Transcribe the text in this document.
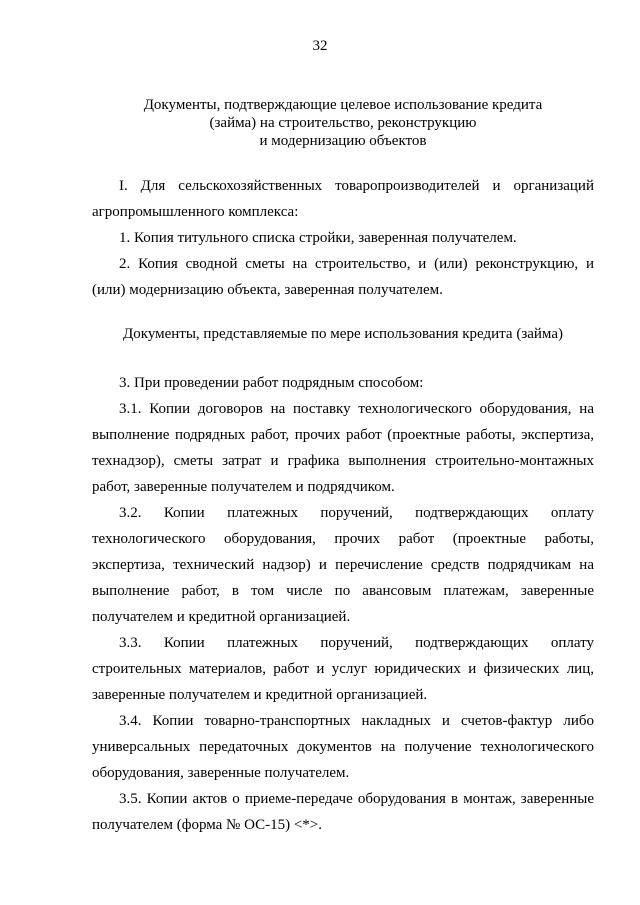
32
Документы, подтверждающие целевое использование кредита
(займа) на строительство, реконструкцию
и модернизацию объектов

I. Для сельскохозяйственных товаропроизводителей и организаций агропромышленного комплекса:

1. Копия титульного списка стройки, заверенная получателем.

2. Копия сводной сметы на строительство, и (или) реконструкцию, и (или) модернизацию объекта, заверенная получателем.

Документы, представляемые по мере использования кредита (займа)

3. При проведении работ подрядным способом:

3.1. Копии договоров на поставку технологического оборудования, на выполнение подрядных работ, прочих работ (проектные работы, экспертиза, технадзор), сметы затрат и графика выполнения строительно-монтажных работ, заверенные получателем и подрядчиком.

3.2. Копии платежных поручений, подтверждающих оплату технологического оборудования, прочих работ (проектные работы, экспертиза, технический надзор) и перечисление средств подрядчикам на выполнение работ, в том числе по авансовым платежам, заверенные получателем и кредитной организацией.

3.3. Копии платежных поручений, подтверждающих оплату строительных материалов, работ и услуг юридических и физических лиц, заверенные получателем и кредитной организацией.

3.4. Копии товарно-транспортных накладных и счетов-фактур либо универсальных передаточных документов на получение технологического оборудования, заверенные получателем.

3.5. Копии актов о приеме-передаче оборудования в монтаж, заверенные получателем (форма № ОС-15) <*>.
